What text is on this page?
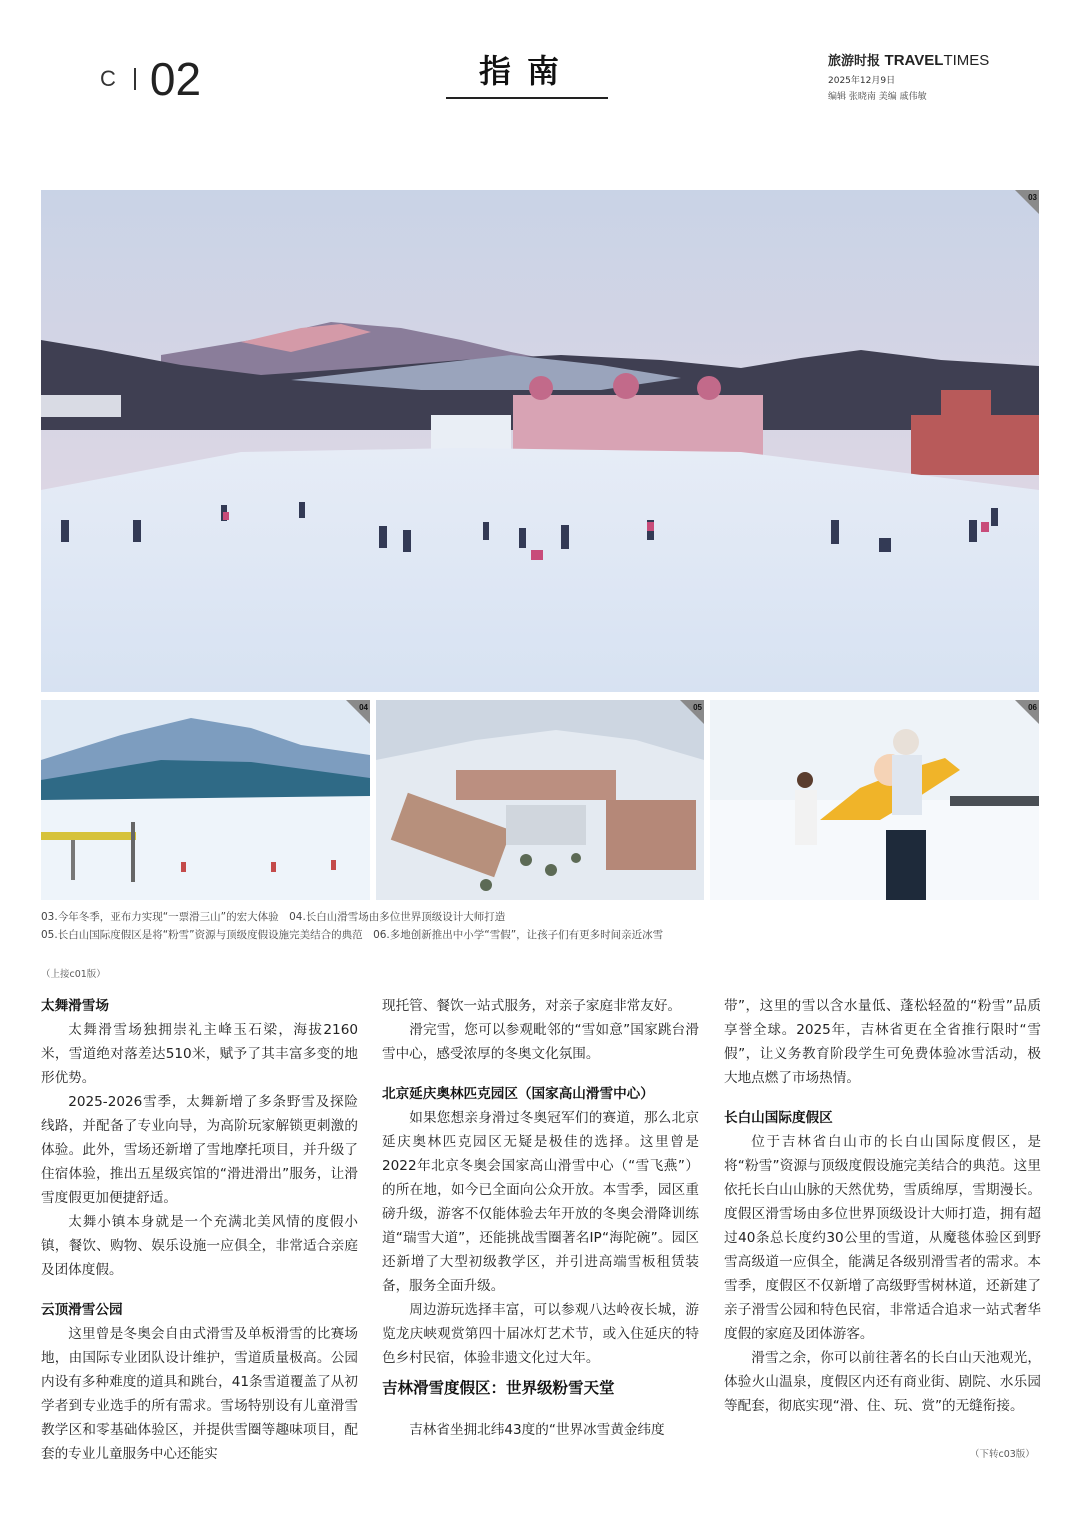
C 02	指南	旅游时报 TRAVELTIMES
2025年12月9日
编辑 张晓南 美编 戚伟敏
03
04	05	06

03.今年冬季，亚布力实现“一票滑三山”的宏大体验　04.长白山滑雪场由多位世界顶级设计大师打造

05.长白山国际度假区是将“粉雪”资源与顶级度假设施完美结合的典范　06.多地创新推出中小学“雪假”，让孩子们有更多时间亲近冰雪

（上接c01版）
太舞滑雪场

太舞滑雪场独拥崇礼主峰玉石梁，海拔2160米，雪道绝对落差达510米，赋予了其丰富多变的地形优势。

2025-2026雪季，太舞新增了多条野雪及探险线路，并配备了专业向导，为高阶玩家解锁更刺激的体验。此外，雪场还新增了雪地摩托项目，并升级了住宿体验，推出五星级宾馆的“滑进滑出”服务，让滑雪度假更加便捷舒适。

太舞小镇本身就是一个充满北美风情的度假小镇，餐饮、购物、娱乐设施一应俱全，非常适合亲庭及团体度假。

云顶滑雪公园

这里曾是冬奥会自由式滑雪及单板滑雪的比赛场地，由国际专业团队设计维护，雪道质量极高。公园内设有多种难度的道具和跳台，41条雪道覆盖了从初学者到专业选手的所有需求。雪场特别设有儿童滑雪教学区和零基础体验区，并提供雪圈等趣味项目，配套的专业儿童服务中心还能实

现托管、餐饮一站式服务，对亲子家庭非常友好。

滑完雪，您可以参观毗邻的“雪如意”国家跳台滑雪中心，感受浓厚的冬奥文化氛围。

北京延庆奥林匹克园区（国家高山滑雪中心）

如果您想亲身滑过冬奥冠军们的赛道，那么北京延庆奥林匹克园区无疑是极佳的选择。这里曾是2022年北京冬奥会国家高山滑雪中心（“雪飞燕”）的所在地，如今已全面向公众开放。本雪季，园区重磅升级，游客不仅能体验去年开放的冬奥会滑降训练道“瑞雪大道”，还能挑战雪圈著名IP“海陀碗”。园区还新增了大型初级教学区，并引进高端雪板租赁装备，服务全面升级。

周边游玩选择丰富，可以参观八达岭夜长城，游览龙庆峡观赏第四十届冰灯艺术节，或入住延庆的特色乡村民宿，体验非遗文化过大年。

吉林滑雪度假区：世界级粉雪天堂

吉林省坐拥北纬43度的“世界冰雪黄金纬度

带”，这里的雪以含水量低、蓬松轻盈的“粉雪”品质享誉全球。2025年，吉林省更在全省推行限时“雪假”，让义务教育阶段学生可免费体验冰雪活动，极大地点燃了市场热情。

长白山国际度假区

位于吉林省白山市的长白山国际度假区，是将“粉雪”资源与顶级度假设施完美结合的典范。这里依托长白山山脉的天然优势，雪质绵厚，雪期漫长。度假区滑雪场由多位世界顶级设计大师打造，拥有超过40条总长度约30公里的雪道，从魔毯体验区到野雪高级道一应俱全，能满足各级别滑雪者的需求。本雪季，度假区不仅新增了高级野雪树林道，还新建了亲子滑雪公园和特色民宿，非常适合追求一站式奢华度假的家庭及团体游客。

滑雪之余，你可以前往著名的长白山天池观光，体验火山温泉，度假区内还有商业街、剧院、水乐园等配套，彻底实现“滑、住、玩、赏”的无缝衔接。

（下转c03版）
